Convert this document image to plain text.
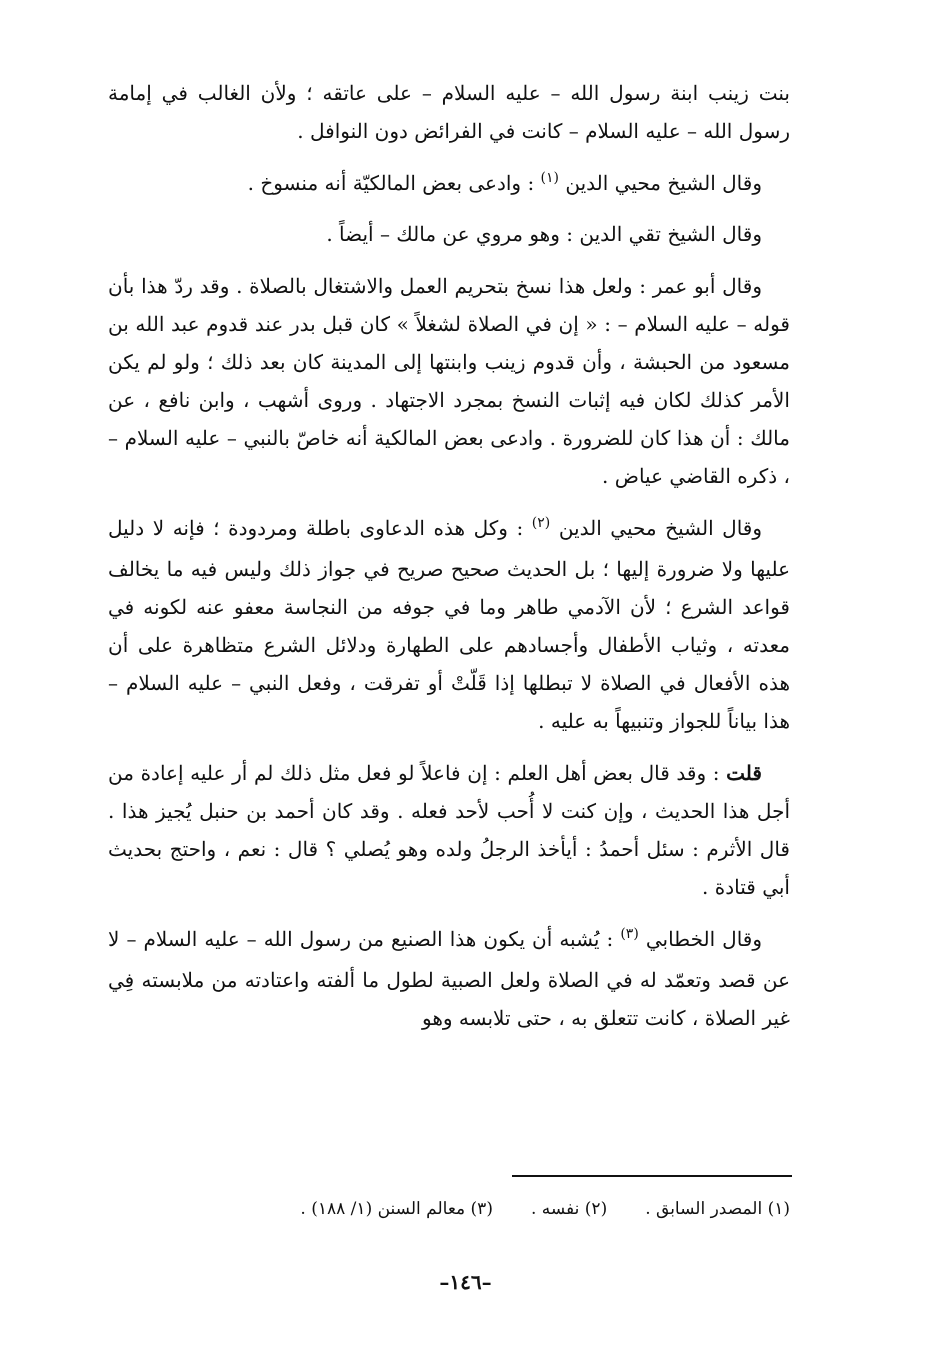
بنت زينب ابنة رسول الله – عليه السلام – على عاتقه ؛ ولأن الغالب في إمامة رسول الله – عليه السلام – كانت في الفرائض دون النوافل .

وقال الشيخ محيي الدين $^{(١)}$ : وادعى بعض المالكيّة أنه منسوخ .

وقال الشيخ تقي الدين : وهو مروي عن مالك – أيضاً .

وقال أبو عمر : ولعل هذا نسخ بتحريم العمل والاشتغال بالصلاة . وقد ردّ هذا بأن قوله – عليه السلام – : « إن في الصلاة لشغلاً » كان قبل بدر عند قدوم عبد الله بن مسعود من الحبشة ، وأن قدوم زينب وابنتها إلى المدينة كان بعد ذلك ؛ ولو لم يكن الأمر كذلك لكان فيه إثبات النسخ بمجرد الاجتهاد . وروى أشهب ، وابن نافع ، عن مالك : أن هذا كان للضرورة . وادعى بعض المالكية أنه خاصّ بالنبي – عليه السلام – ، ذكره القاضي عياض .

وقال الشيخ محيي الدين $^{(٢)}$ : وكل هذه الدعاوى باطلة ومردودة ؛ فإنه لا دليل عليها ولا ضرورة إليها ؛ بل الحديث صحيح صريح في جواز ذلك وليس فيه ما يخالف قواعد الشرع ؛ لأن الآدمي طاهر وما في جوفه من النجاسة معفو عنه لكونه في معدته ، وثياب الأطفال وأجسادهم على الطهارة ودلائل الشرع متظاهرة على أن هذه الأفعال في الصلاة لا تبطلها إذا قَلّتْ أو تفرقت ، وفعل النبي – عليه السلام – هذا بياناً للجواز وتنبيهاً به عليه .

قلت : وقد قال بعض أهل العلم : إن فاعلاً لو فعل مثل ذلك لم أر عليه إعادة من أجل هذا الحديث ، وإن كنت لا أُحب لأحد فعله . وقد كان أحمد بن حنبل يُجيز هذا . قال الأثرم : سئل أحمدُ : أيأخذ الرجلُ ولده وهو يُصلي ؟ قال : نعم ، واحتج بحديث أبي قتادة .

وقال الخطابي $^{(٣)}$ : يُشبه أن يكون هذا الصنيع من رسول الله – عليه السلام – لا عن قصد وتعمّد له في الصلاة ولعل الصبية لطول ما ألفته واعتادته من ملابسته فِي غير الصلاة ، كانت تتعلق به ، حتى تلابسه وهو

(١) المصدر السابق .
(٢) نفسه .
(٣) معالم السنن (١/ ١٨٨) .
–١٤٦–
